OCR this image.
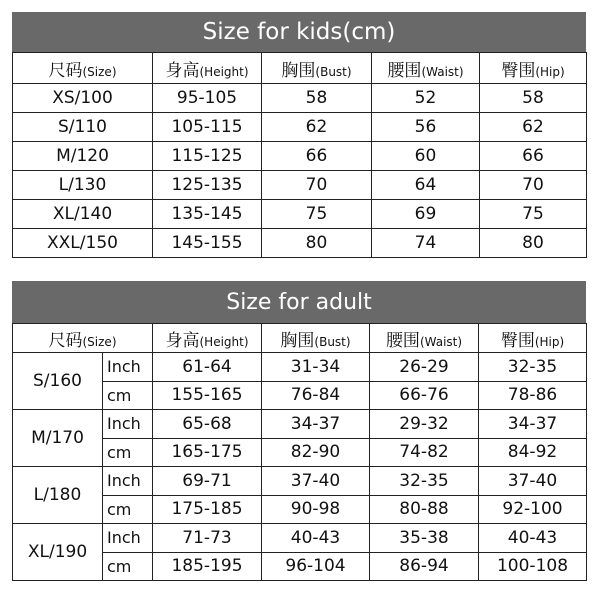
Size for kids(cm)
尺码(Size)	身高(Height)	胸围(Bust)	腰围(Waist)	臀围(Hip)
XS/100	95-105	58	52	58
S/110	105-115	62	56	62
M/120	115-125	66	60	66
L/130	125-135	70	64	70
XL/140	135-145	75	69	75
XXL/150	145-155	80	74	80
Size for adult
尺码(Size)		身高(Height)	胸围(Bust)	腰围(Waist)	臀围(Hip)
S/160	Inch	61-64	31-34	26-29	32-35
	cm	155-165	76-84	66-76	78-86
M/170	Inch	65-68	34-37	29-32	34-37
	cm	165-175	82-90	74-82	84-92
L/180	Inch	69-71	37-40	32-35	37-40
	cm	175-185	90-98	80-88	92-100
XL/190	Inch	71-73	40-43	35-38	40-43
	cm	185-195	96-104	86-94	100-108
